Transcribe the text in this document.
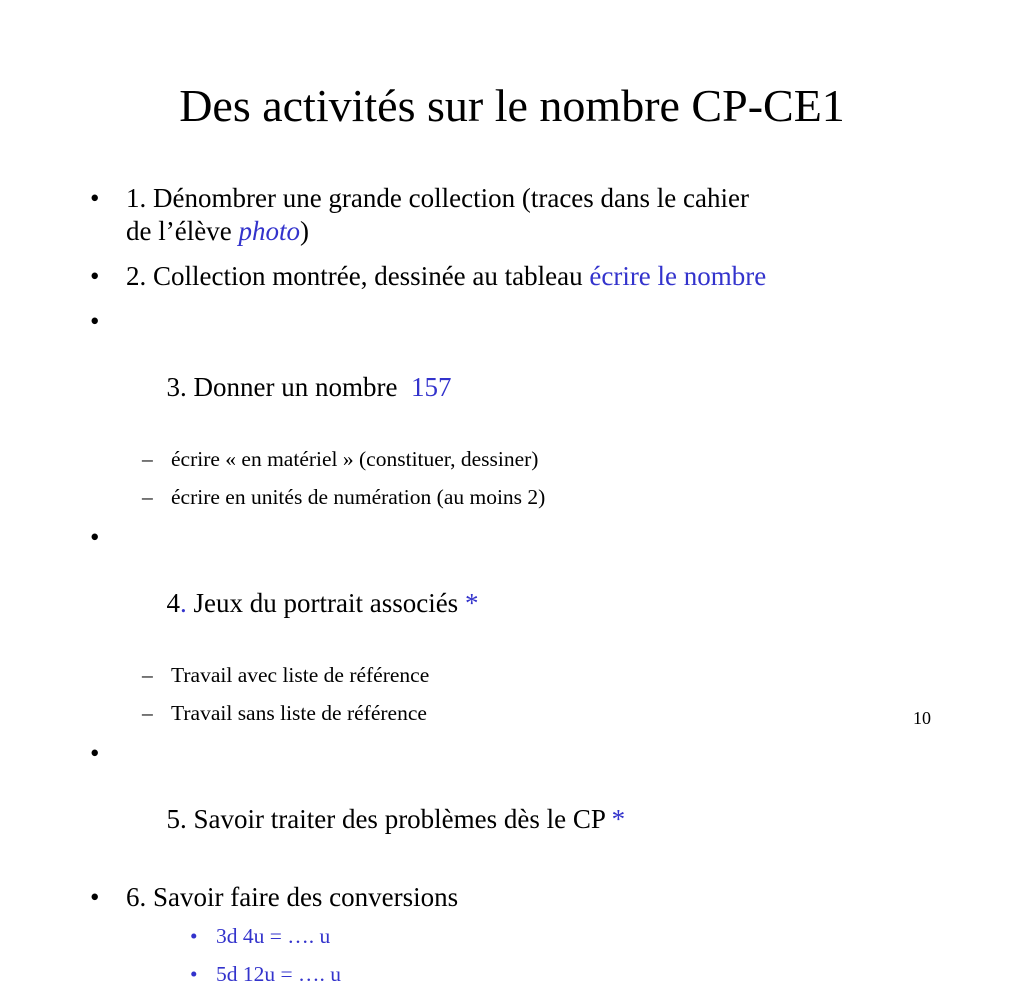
Des activités sur le nombre CP-CE1
• 1. Dénombrer une grande collection (traces dans le cahier
de l’élève photo)
• 2. Collection montrée, dessinée au tableau écrire le nombre

•

3. Donner un nombre  157

– écrire « en matériel » (constituer, dessiner)
– écrire en unités de numération (au moins 2)

•

4. Jeux du portrait associés *

– Travail avec liste de référence
– Travail sans liste de référence

•

5. Savoir traiter des problèmes dès le CP *

• 6. Savoir faire des conversions
• 3d 4u = …. u
• 5d 12u = …. u
10
